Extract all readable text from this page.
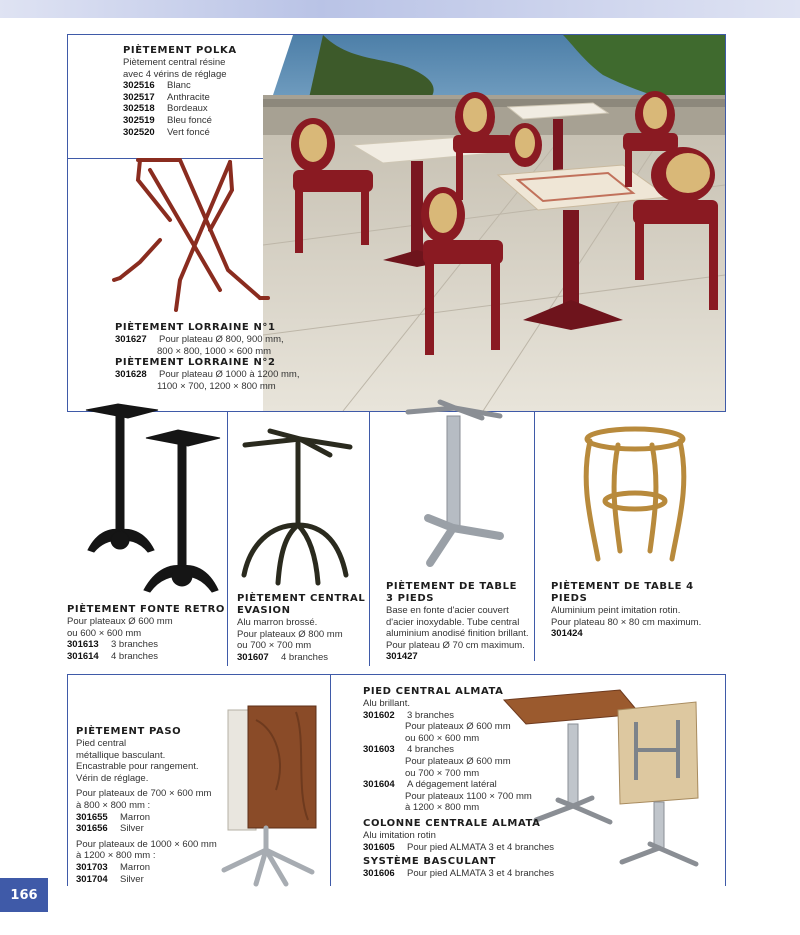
PIÈTEMENT POLKA
Piètement central résine
avec 4 vérins de réglage
302516	Blanc
302517	Anthracite
302518	Bordeaux
302519	Bleu foncé
302520	Vert foncé
PIÈTEMENT LORRAINE N°1
301627	Pour plateau Ø 800, 900 mm,
800 × 800, 1000 × 600 mm
PIÈTEMENT LORRAINE N°2
301628	Pour plateau Ø 1000 à 1200 mm,
1100 × 700, 1200 × 800 mm
PIÈTEMENT FONTE RETRO
Pour plateaux Ø 600 mm
ou 600 × 600 mm
301613	3 branches
301614	4 branches
PIÈTEMENT CENTRAL
EVASION
Alu marron brossé.
Pour plateaux Ø 800 mm
ou 700 × 700 mm
301607	4 branches
PIÈTEMENT DE TABLE
3 PIEDS
Base en fonte d'acier couvert
d'acier inoxydable. Tube central
aluminium anodisé finition brillant.
Pour plateau Ø 70 cm maximum.
301427
PIÈTEMENT DE TABLE 4 PIEDS
Aluminium peint imitation rotin.
Pour plateau 80 × 80 cm maximum.
301424
PIÈTEMENT PASO
Pied central
métallique basculant.
Encastrable pour rangement.
Vérin de réglage.
Pour plateaux de 700 × 600 mm
à 800 × 800 mm :
301655	Marron
301656	Silver
Pour plateaux de 1000 × 600 mm
à 1200 × 800 mm :
301703	Marron
301704	Silver
PIED CENTRAL ALMATA
Alu brillant.
301602	3 branches
Pour plateaux Ø 600 mm
ou 600 × 600 mm
301603	4 branches
Pour plateaux Ø 600 mm
ou 700 × 700 mm
301604	A dégagement latéral
Pour plateaux 1100 × 700 mm
à 1200 × 800 mm
COLONNE CENTRALE ALMATA
Alu imitation rotin
301605	Pour pied ALMATA 3 et 4 branches
SYSTÈME BASCULANT
301606	Pour pied ALMATA 3 et 4 branches
166
